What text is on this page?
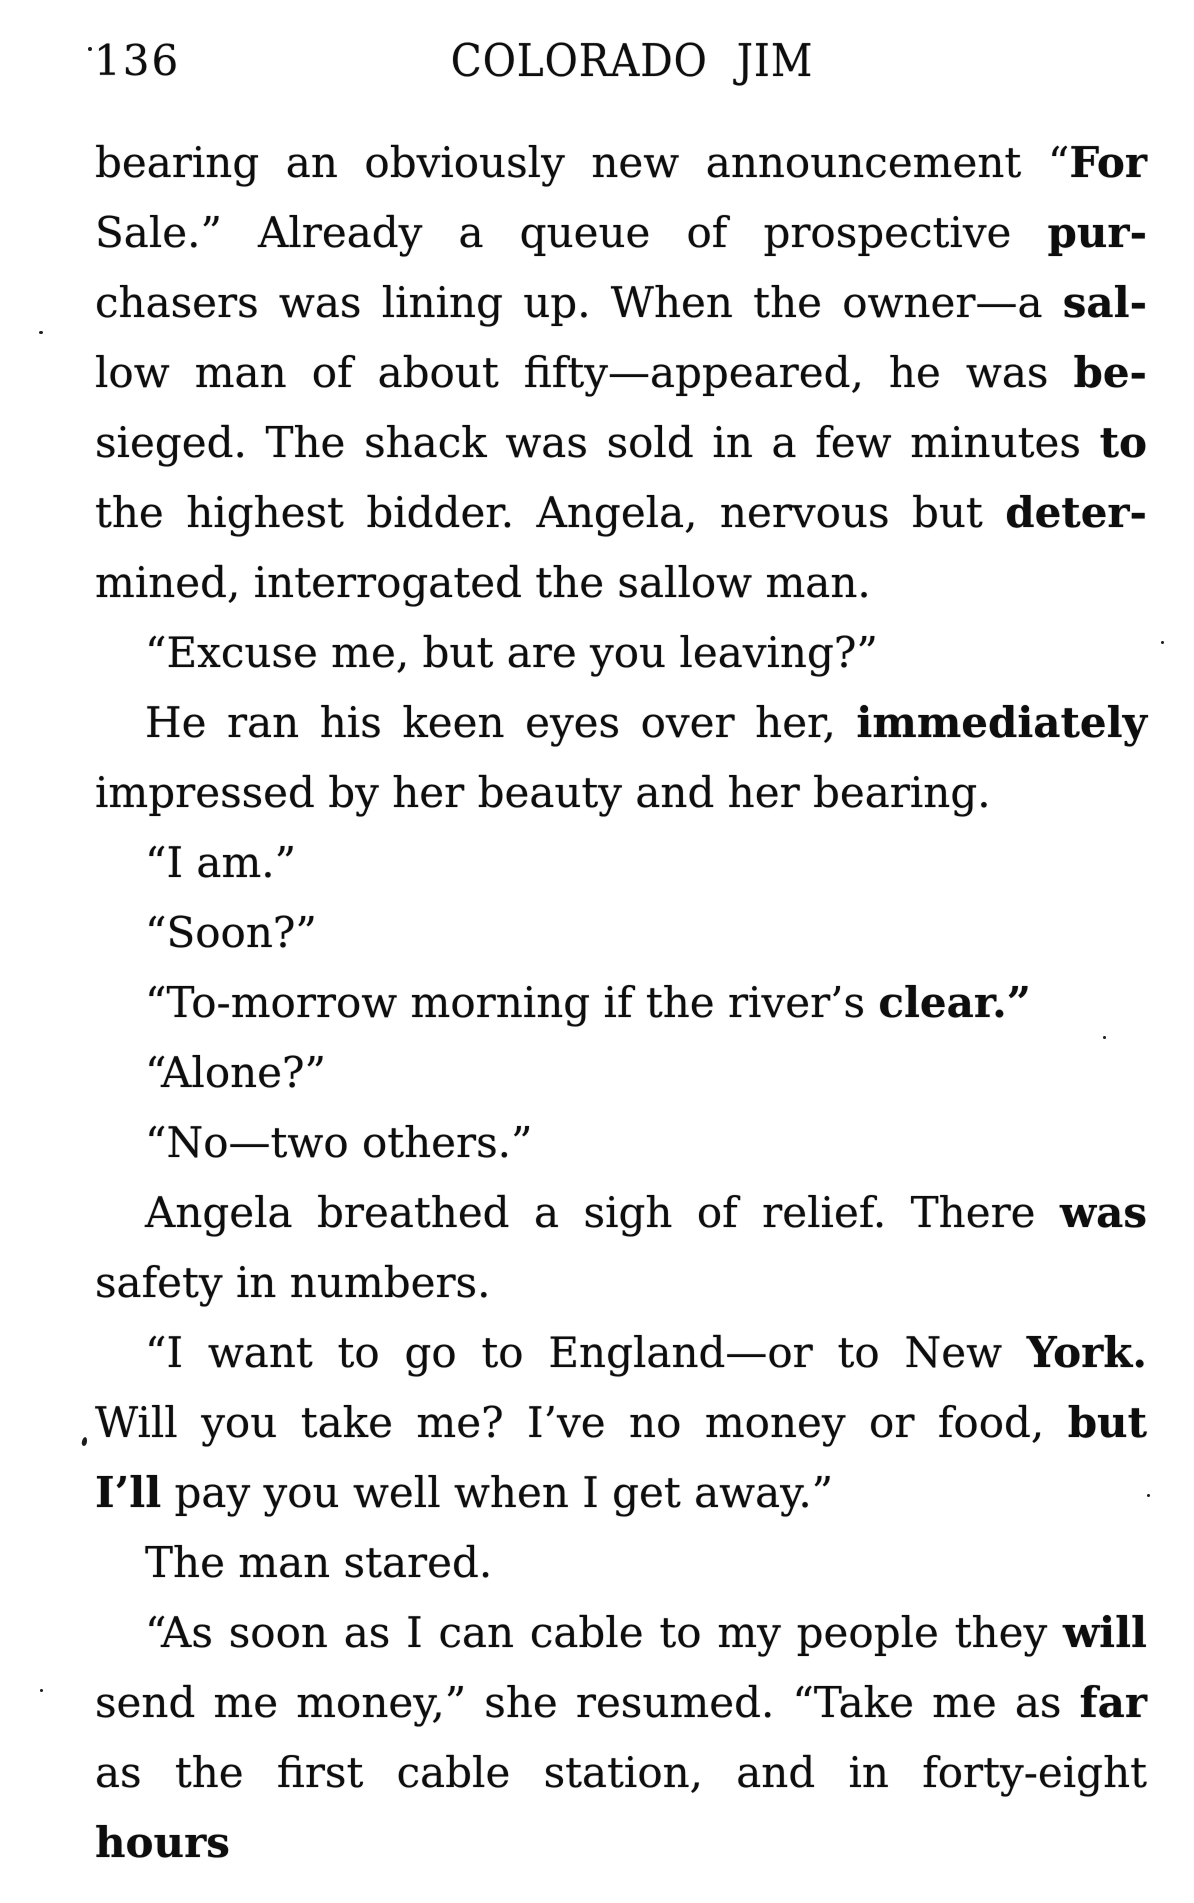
136	COLORADO JIM
bearing an obviously new announcement “For
Sale.” Already a queue of prospective pur-
chasers was lining up. When the owner—a sal-
low man of about fifty—appeared, he was be-
sieged. The shack was sold in a few minutes to
the highest bidder. Angela, nervous but deter-
mined, interrogated the sallow man.
“Excuse me, but are you leaving?”
He ran his keen eyes over her, immediately
impressed by her beauty and her bearing.
“I am.”
“Soon?”
“To-morrow morning if the river’s clear.”
“Alone?”
“No—two others.”
Angela breathed a sigh of relief. There was
safety in numbers.
“I want to go to England—or to New York.
Will you take me? I’ve no money or food, but
I’ll pay you well when I get away.”
The man stared.
“As soon as I can cable to my people they will
send me money,” she resumed. “Take me as far
as the first cable station, and in forty-eight hours
